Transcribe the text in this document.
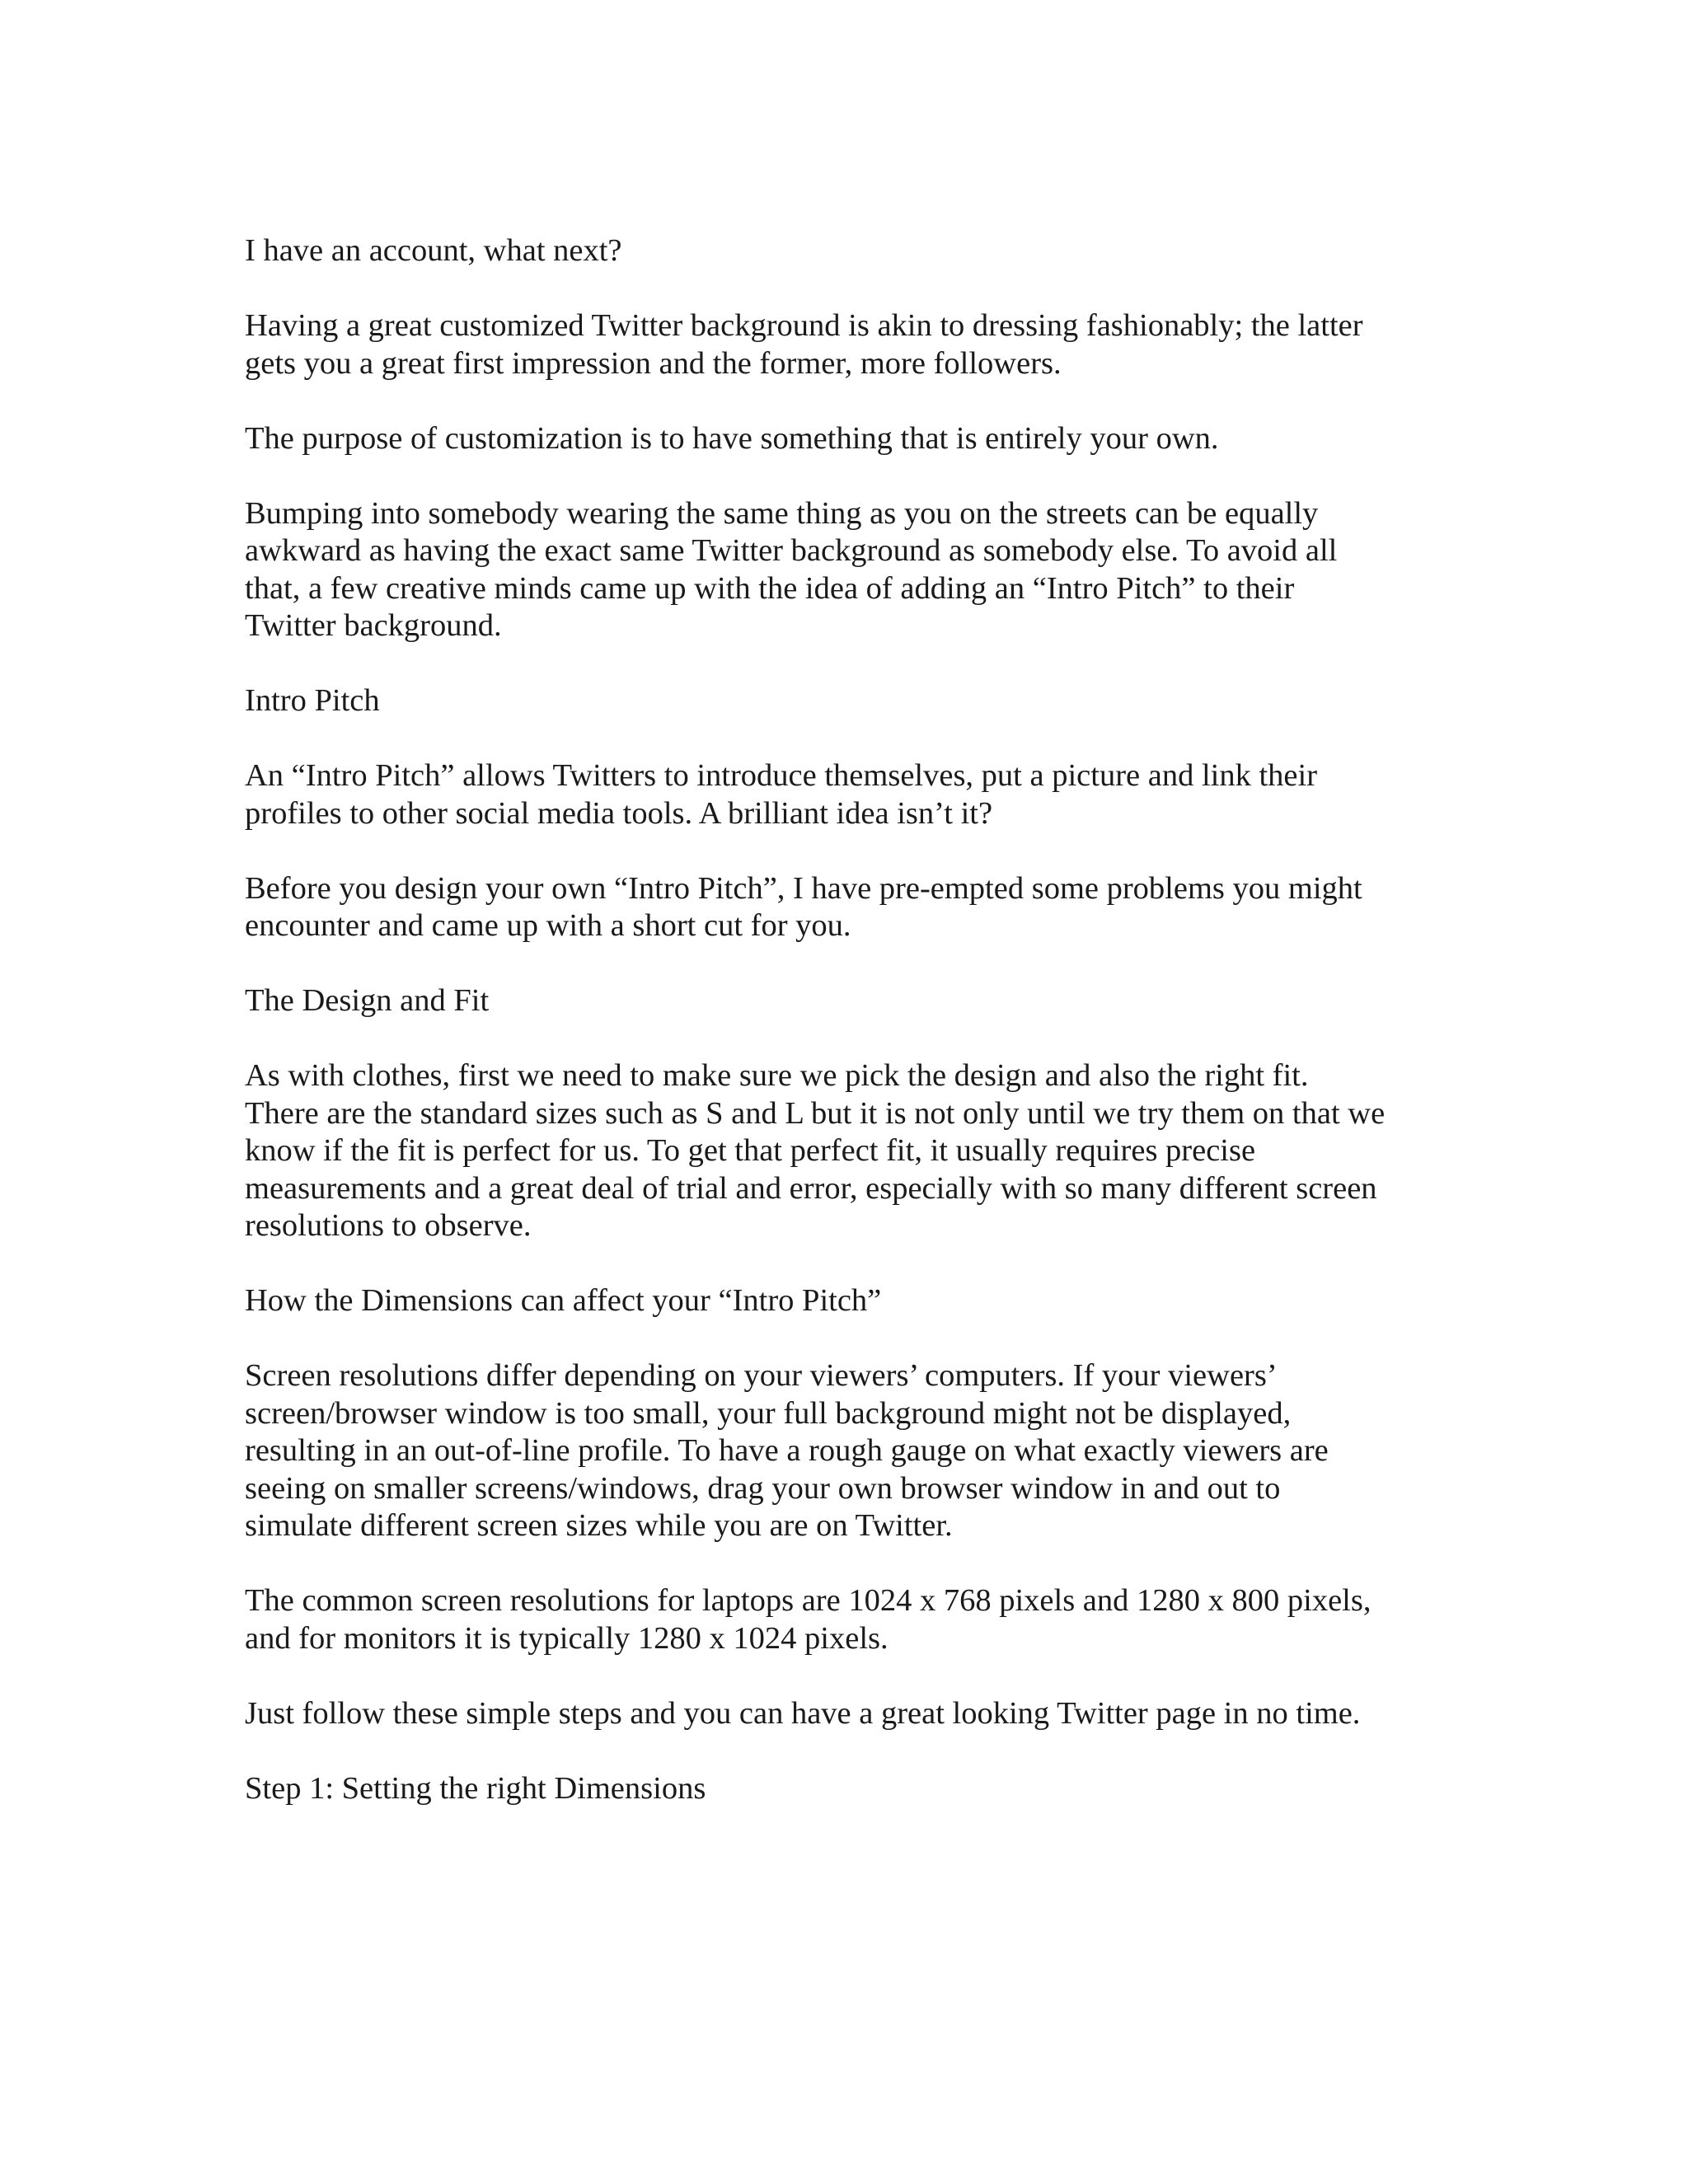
I have an account, what next?

Having a great customized Twitter background is akin to dressing fashionably; the latter
gets you a great first impression and the former, more followers.

The purpose of customization is to have something that is entirely your own.

Bumping into somebody wearing the same thing as you on the streets can be equally
awkward as having the exact same Twitter background as somebody else. To avoid all
that, a few creative minds came up with the idea of adding an “Intro Pitch” to their
Twitter background.

Intro Pitch

An “Intro Pitch” allows Twitters to introduce themselves, put a picture and link their
profiles to other social media tools. A brilliant idea isn’t it?

Before you design your own “Intro Pitch”, I have pre-empted some problems you might
encounter and came up with a short cut for you.

The Design and Fit

As with clothes, first we need to make sure we pick the design and also the right fit.
There are the standard sizes such as S and L but it is not only until we try them on that we
know if the fit is perfect for us. To get that perfect fit, it usually requires precise
measurements and a great deal of trial and error, especially with so many different screen
resolutions to observe.

How the Dimensions can affect your “Intro Pitch”

Screen resolutions differ depending on your viewers’ computers. If your viewers’
screen/browser window is too small, your full background might not be displayed,
resulting in an out-of-line profile. To have a rough gauge on what exactly viewers are
seeing on smaller screens/windows, drag your own browser window in and out to
simulate different screen sizes while you are on Twitter.

The common screen resolutions for laptops are 1024 x 768 pixels and 1280 x 800 pixels,
and for monitors it is typically 1280 x 1024 pixels.

Just follow these simple steps and you can have a great looking Twitter page in no time.

Step 1: Setting the right Dimensions
